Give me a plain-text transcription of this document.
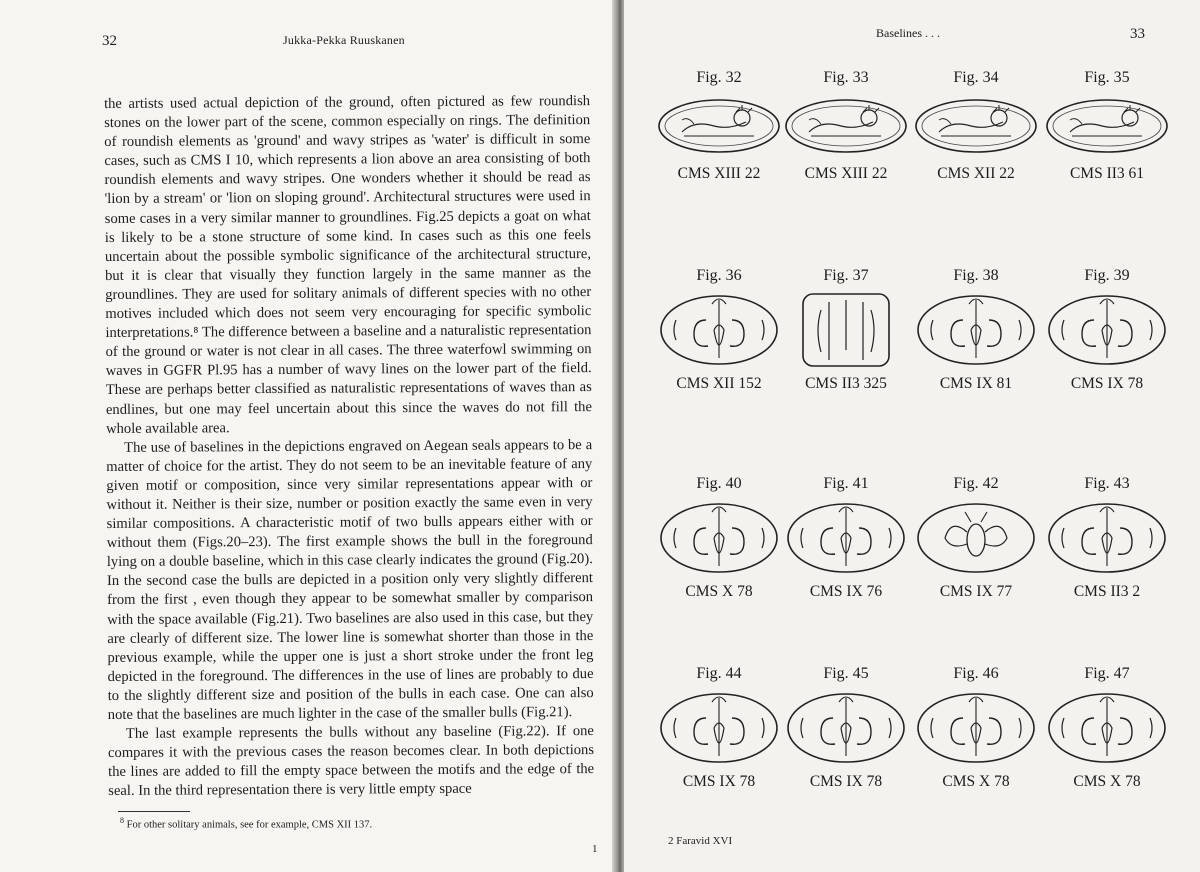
32	Jukka-Pekka Ruuskanen

the artists used actual depiction of the ground, often pictured as few roundish stones on the lower part of the scene, common especially on rings. The definition of roundish elements as 'ground' and wavy stripes as 'water' is difficult in some cases, such as CMS I 10, which represents a lion above an area consisting of both roundish elements and wavy stripes. One wonders whether it should be read as 'lion by a stream' or 'lion on sloping ground'. Architectural structures were used in some cases in a very similar manner to groundlines. Fig.25 depicts a goat on what is likely to be a stone structure of some kind. In cases such as this one feels uncertain about the possible symbolic significance of the architectural structure, but it is clear that visually they function largely in the same manner as the groundlines. They are used for solitary animals of different species with no other motives included which does not seem very encouraging for specific symbolic interpretations.⁸ The difference between a baseline and a naturalistic representation of the ground or water is not clear in all cases. The three waterfowl swimming on waves in GGFR Pl.95 has a number of wavy lines on the lower part of the field. These are perhaps better classified as naturalistic representations of waves than as endlines, but one may feel uncertain about this since the waves do not fill the whole available area.

The use of baselines in the depictions engraved on Aegean seals appears to be a matter of choice for the artist. They do not seem to be an inevitable feature of any given motif or composition, since very similar representations appear with or without it. Neither is their size, number or position exactly the same even in very similar compositions. A characteristic motif of two bulls appears either with or without them (Figs.20–23). The first example shows the bull in the foreground lying on a double baseline, which in this case clearly indicates the ground (Fig.20). In the second case the bulls are depicted in a position only very slightly different from the first , even though they appear to be somewhat smaller by comparison with the space available (Fig.21). Two baselines are also used in this case, but they are clearly of different size. The lower line is somewhat shorter than those in the previous example, while the upper one is just a short stroke under the front leg depicted in the foreground. The differences in the use of lines are probably to due to the slightly different size and position of the bulls in each case. One can also note that the baselines are much lighter in the case of the smaller bulls (Fig.21).

The last example represents the bulls without any baseline (Fig.22). If one compares it with the previous cases the reason becomes clear. In both depictions the lines are added to fill the empty space between the motifs and the edge of the seal. In the third representation there is very little empty space

$^8$ For other solitary animals, see for example, CMS XII 137.
1
Baselines . . .	33
2 Faravid XVI
Fig. 32
CMS XIII 22
Fig. 33
CMS XIII 22
Fig. 34
CMS XII 22
Fig. 35
CMS II3 61
Fig. 36
CMS XII 152
Fig. 37
CMS II3 325
Fig. 38
CMS IX 81
Fig. 39
CMS IX 78
Fig. 40
CMS X 78
Fig. 41
CMS IX 76
Fig. 42
CMS IX 77
Fig. 43
CMS II3 2
Fig. 44
CMS IX 78
Fig. 45
CMS IX 78
Fig. 46
CMS X 78
Fig. 47
CMS X 78
